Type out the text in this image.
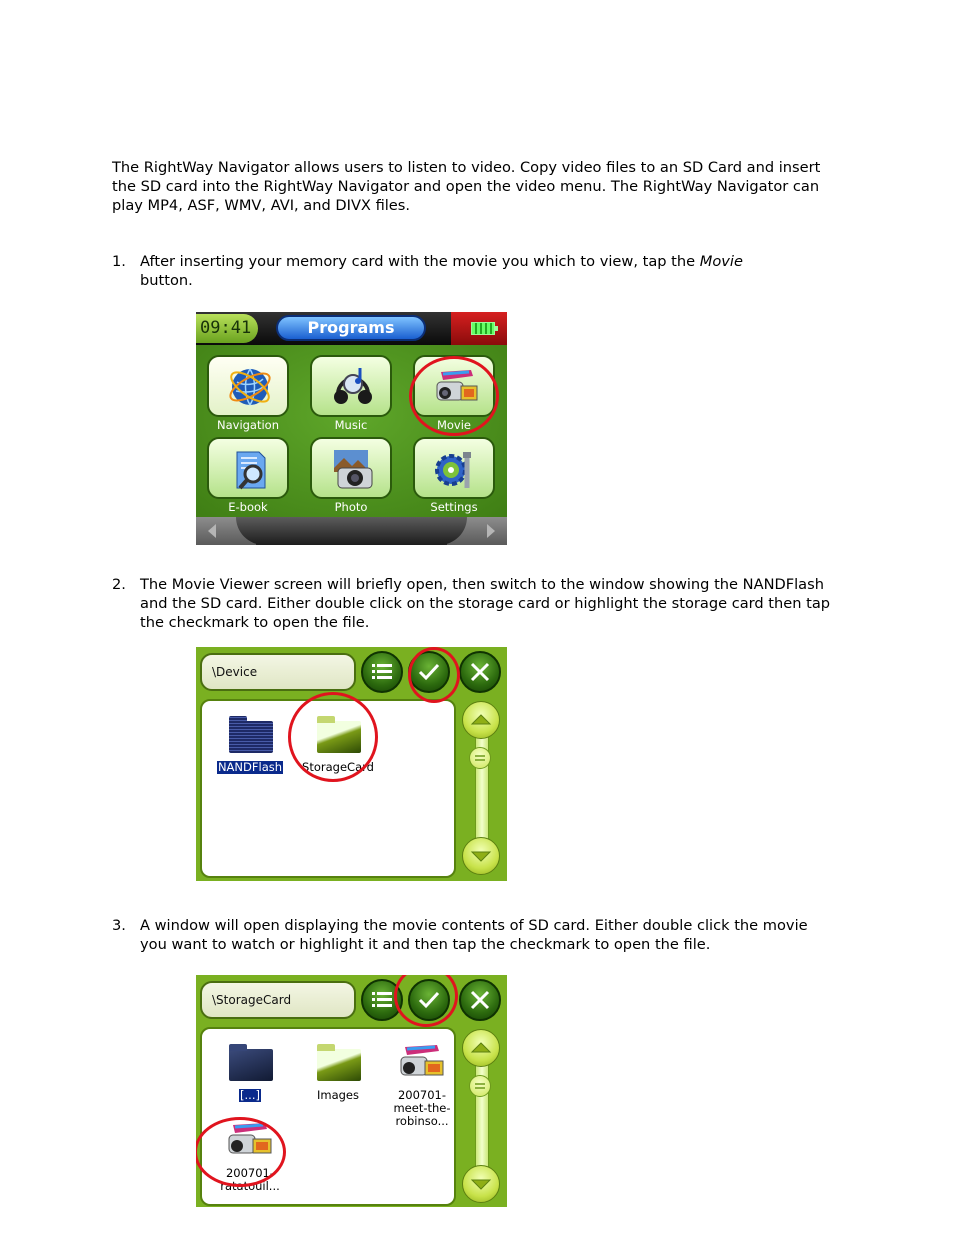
The RightWay Navigator allows users to listen to video. Copy video files to an SD Card and insert the SD card into the RightWay Navigator and open the video menu. The RightWay Navigator can play MP4, ASF, WMV, AVI, and DIVX files.
1. After inserting your memory card with the movie you which to view, tap the Movie
button.
09:41	Programs
Navigation	Music	Movie
E-book	Photo	Settings
2. The Movie Viewer screen will briefly open, then switch to the window showing the NANDFlash and the SD card. Either double click on the storage card or highlight the storage card then tap the checkmark to open the file.
\Device
NANDFlash	StorageCard
3. A window will open displaying the movie contents of SD card. Either double click the movie you want to watch or highlight it and then tap the checkmark to open the file.
\StorageCard
[...]	Images	200701-meet-the-robinso...
200701-ratatouil...
